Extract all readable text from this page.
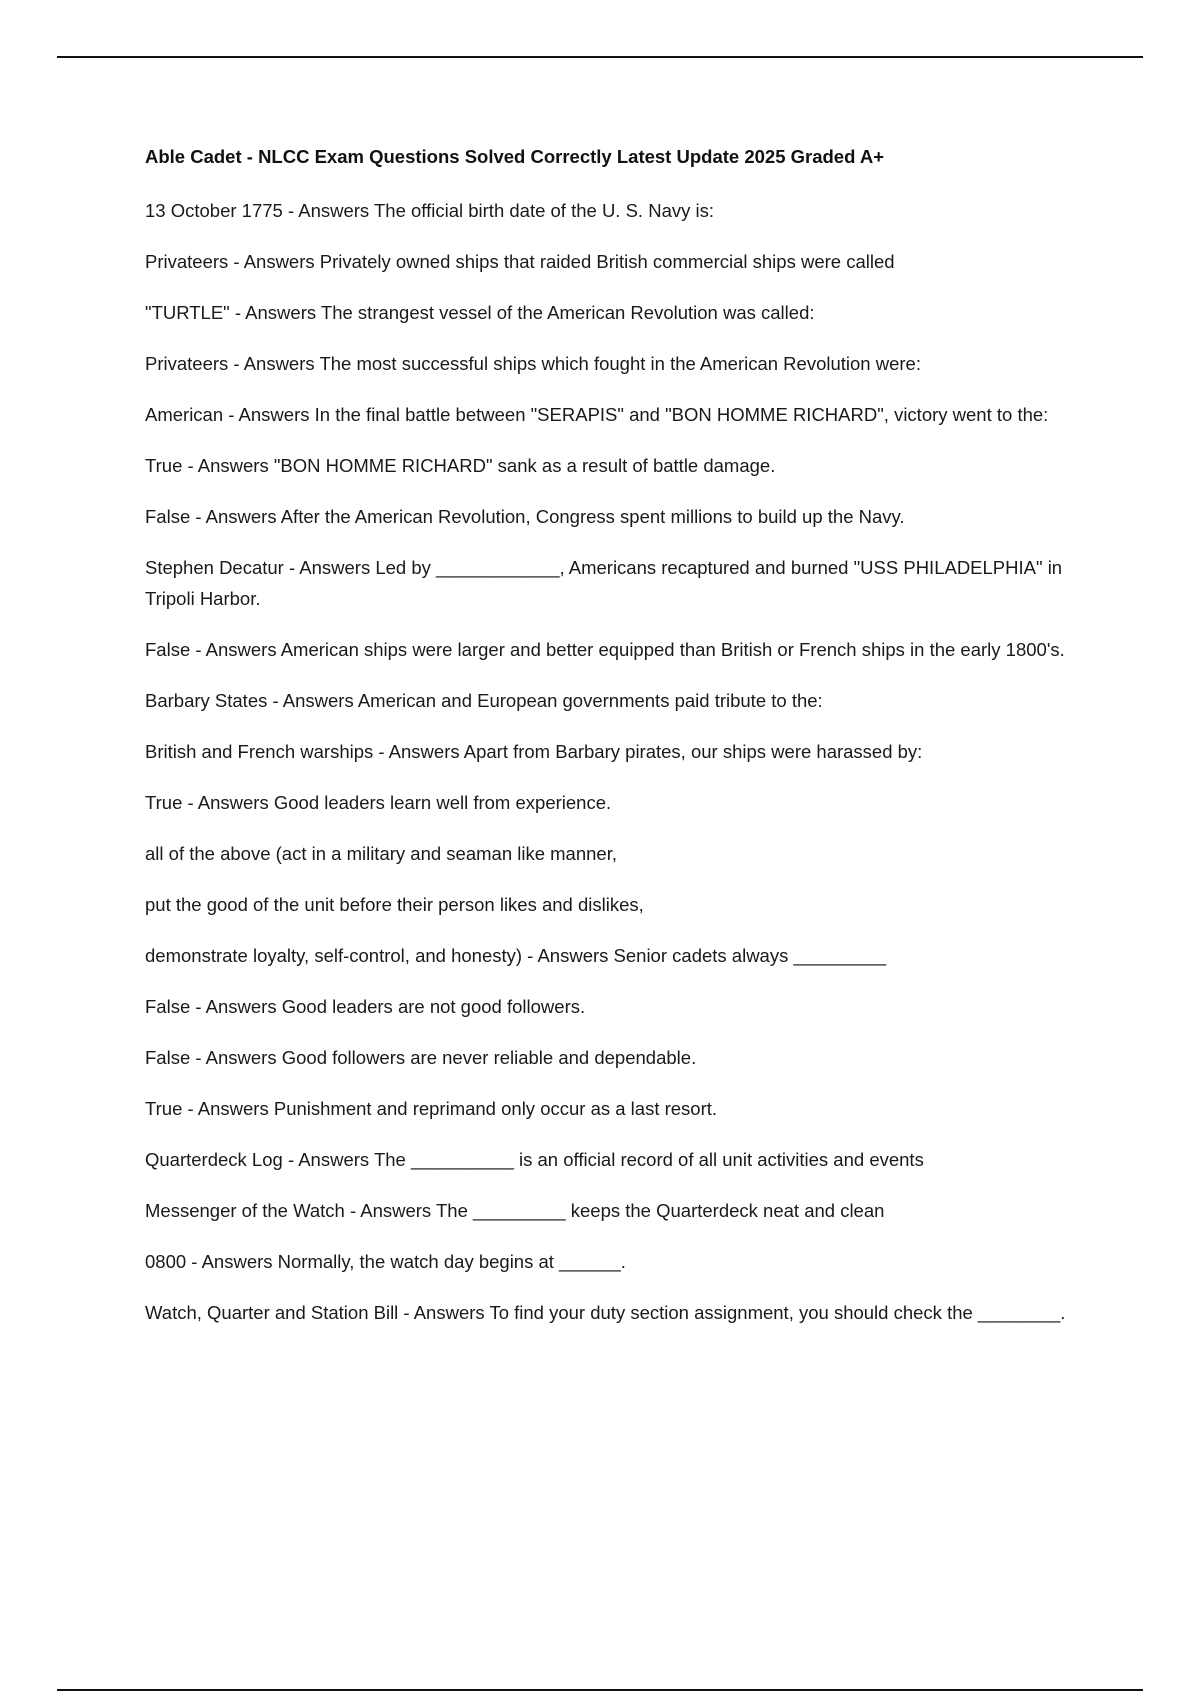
Able Cadet - NLCC Exam Questions Solved Correctly Latest Update 2025 Graded A+

13 October 1775 - Answers The official birth date of the U. S. Navy is:

Privateers - Answers Privately owned ships that raided British commercial ships were called

"TURTLE" - Answers The strangest vessel of the American Revolution was called:

Privateers - Answers The most successful ships which fought in the American Revolution were:

American - Answers In the final battle between "SERAPIS" and "BON HOMME RICHARD", victory went to the:

True - Answers "BON HOMME RICHARD" sank as a result of battle damage.

False - Answers After the American Revolution, Congress spent millions to build up the Navy.

Stephen Decatur - Answers Led by ____________, Americans recaptured and burned "USS PHILADELPHIA" in Tripoli Harbor.

False - Answers American ships were larger and better equipped than British or French ships in the early 1800's.

Barbary States - Answers American and European governments paid tribute to the:

British and French warships - Answers Apart from Barbary pirates, our ships were harassed by:

True - Answers Good leaders learn well from experience.

all of the above (act in a military and seaman like manner,

put the good of the unit before their person likes and dislikes,

demonstrate loyalty, self-control, and honesty) - Answers Senior cadets always _________

False - Answers Good leaders are not good followers.

False - Answers Good followers are never reliable and dependable.

True - Answers Punishment and reprimand only occur as a last resort.

Quarterdeck Log - Answers The __________ is an official record of all unit activities and events

Messenger of the Watch - Answers The _________ keeps the Quarterdeck neat and clean

0800 - Answers Normally, the watch day begins at ______.

Watch, Quarter and Station Bill - Answers To find your duty section assignment, you should check the ________.
